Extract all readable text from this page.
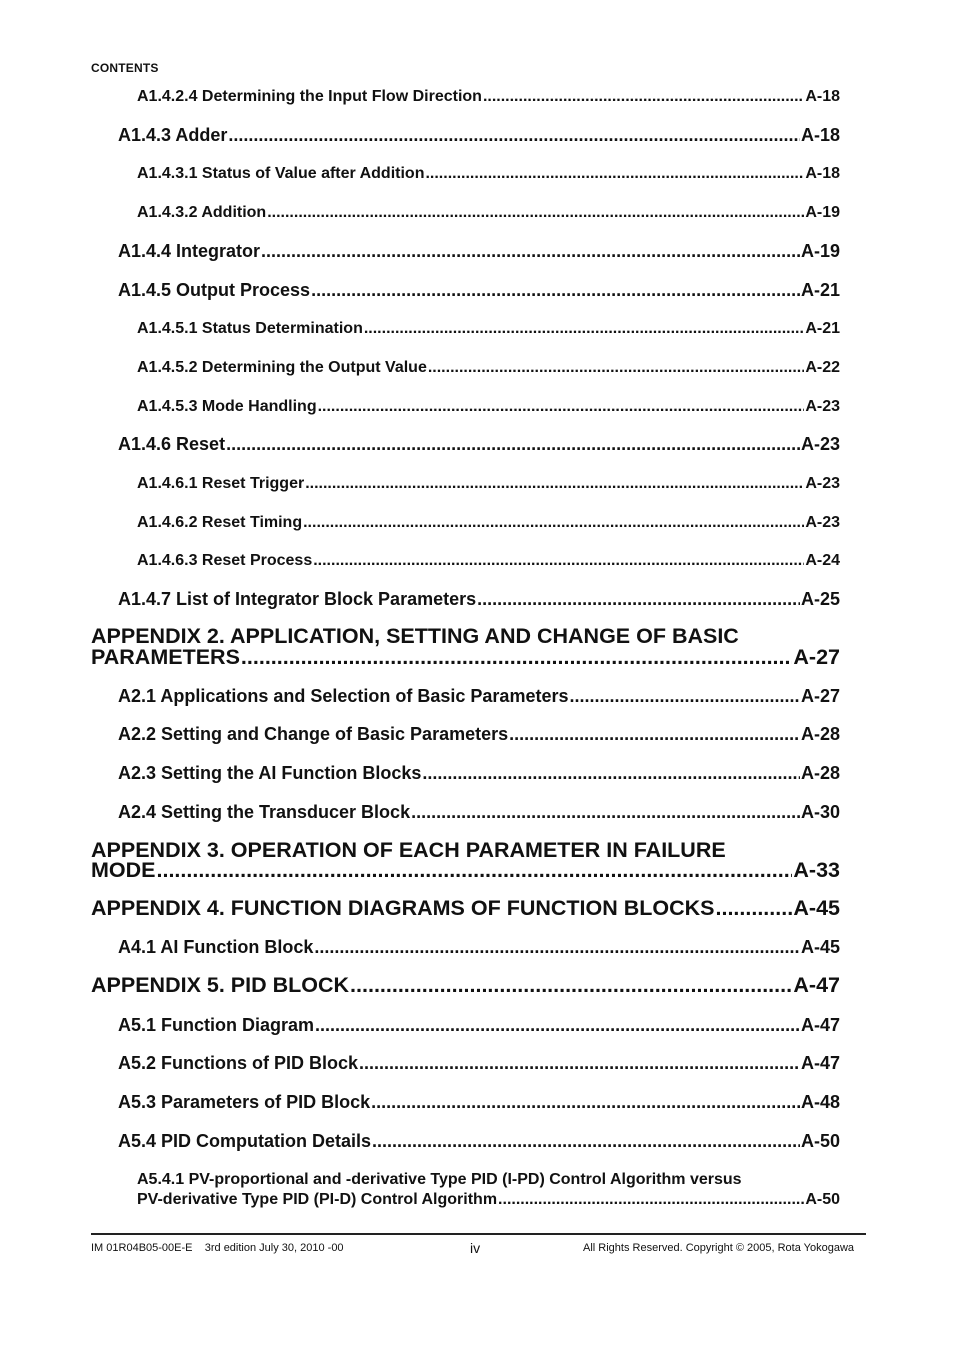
CONTENTS
A1.4.2.4 Determining the Input Flow Direction .....	A-18
A1.4.3 Adder .....	A-18
A1.4.3.1 Status of Value after Addition .....	A-18
A1.4.3.2 Addition .....	A-19
A1.4.4 Integrator .....	A-19
A1.4.5 Output Process .....	A-21
A1.4.5.1 Status Determination .....	A-21
A1.4.5.2 Determining the Output Value .....	A-22
A1.4.5.3 Mode Handling .....	A-23
A1.4.6 Reset .....	A-23
A1.4.6.1 Reset Trigger .....	A-23
A1.4.6.2 Reset Timing .....	A-23
A1.4.6.3 Reset Process .....	A-24
A1.4.7 List of Integrator Block Parameters .....	A-25
APPENDIX 2. APPLICATION, SETTING AND CHANGE OF BASIC
PARAMETERS .....	A-27
A2.1 Applications and Selection of Basic Parameters .....	A-27
A2.2 Setting and Change of Basic Parameters .....	A-28
A2.3 Setting the AI Function Blocks .....	A-28
A2.4 Setting the Transducer Block .....	A-30
APPENDIX 3. OPERATION OF EACH PARAMETER IN FAILURE
MODE .....	A-33
APPENDIX 4. FUNCTION DIAGRAMS OF FUNCTION BLOCKS .....	A-45
A4.1 AI Function Block .....	A-45
APPENDIX 5. PID BLOCK .....	A-47
A5.1 Function Diagram .....	A-47
A5.2 Functions of PID Block .....	A-47
A5.3 Parameters of PID Block .....	A-48
A5.4 PID Computation Details .....	A-50
A5.4.1 PV-proportional and -derivative Type PID (I-PD) Control Algorithm versus
PV-derivative Type PID (PI-D) Control Algorithm .....	A-50
IM 01R04B05-00E-E 3rd edition July 30, 2010 -00	iv	All Rights Reserved. Copyright © 2005, Rota Yokogawa
